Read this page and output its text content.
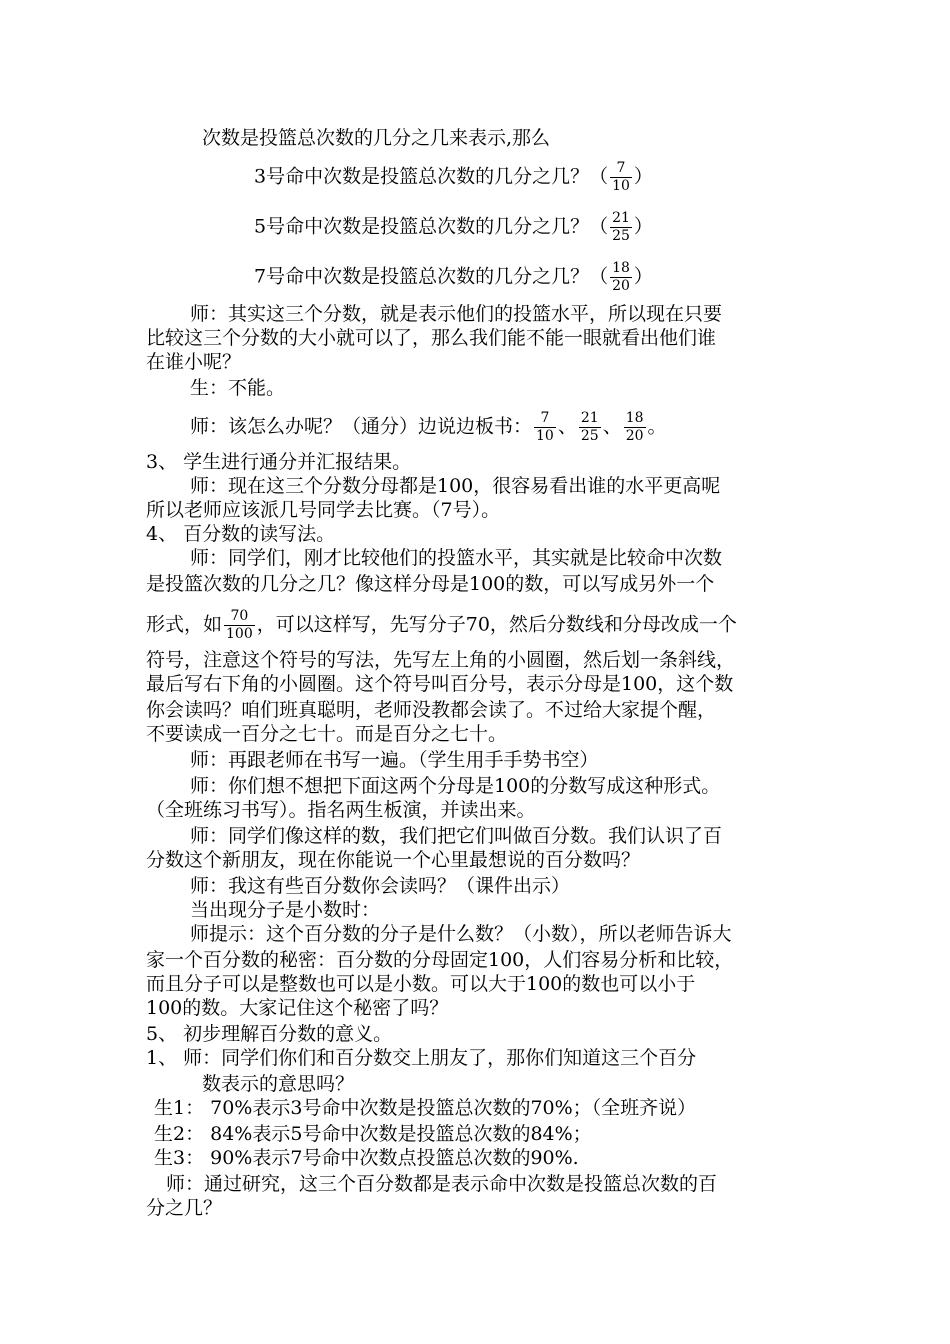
次数是投篮总次数的几分之几来表示,那么
3号命中次数是投篮总次数的几分之几？（ $\frac{7}{10}$ ）
5号命中次数是投篮总次数的几分之几？（ $\frac{21}{25}$ ）
7号命中次数是投篮总次数的几分之几？（ $\frac{18}{20}$ ）
师：其实这三个分数，就是表示他们的投篮水平，所以现在只要
比较这三个分数的大小就可以了，那么我们能不能一眼就看出他们谁
在谁小呢？
生：不能。
师：该怎么办呢？（通分）边说边板书： $\frac{7}{10}$ 、 $\frac{21}{25}$ 、 $\frac{18}{20}$ 。
3、 学生进行通分并汇报结果。
师：现在这三个分数分母都是100，很容易看出谁的水平更高呢
所以老师应该派几号同学去比赛。（7号）。
4、 百分数的读写法。
师：同学们，刚才比较他们的投篮水平，其实就是比较命中次数
是投篮次数的几分之几？像这样分母是100的数，可以写成另外一个
形式，如 $\frac{70}{100}$ ，可以这样写，先写分子70，然后分数线和分母改成一个
符号，注意这个符号的写法，先写左上角的小圆圈，然后划一条斜线，
最后写右下角的小圆圈。这个符号叫百分号，表示分母是100，这个数
你会读吗？咱们班真聪明，老师没教都会读了。不过给大家提个醒，
不要读成一百分之七十。而是百分之七十。
师：再跟老师在书写一遍。（学生用手手势书空）
师：你们想不想把下面这两个分母是100的分数写成这种形式。
（全班练习书写）。指名两生板演，并读出来。
师：同学们像这样的数，我们把它们叫做百分数。我们认识了百
分数这个新朋友，现在你能说一个心里最想说的百分数吗？
师：我这有些百分数你会读吗？（课件出示）
当出现分子是小数时：
师提示：这个百分数的分子是什么数？（小数），所以老师告诉大
家一个百分数的秘密：百分数的分母固定100，人们容易分析和比较，
而且分子可以是整数也可以是小数。可以大于100的数也可以小于
100的数。大家记住这个秘密了吗？
5、 初步理解百分数的意义。
1、 师：同学们你们和百分数交上朋友了，那你们知道这三个百分
数表示的意思吗？
生1： 70%表示3号命中次数是投篮总次数的70%；（全班齐说）
生2： 84%表示5号命中次数是投篮总次数的84%；
生3： 90%表示7号命中次数点投篮总次数的90%.
师：通过研究，这三个百分数都是表示命中次数是投篮总次数的百
分之几？
